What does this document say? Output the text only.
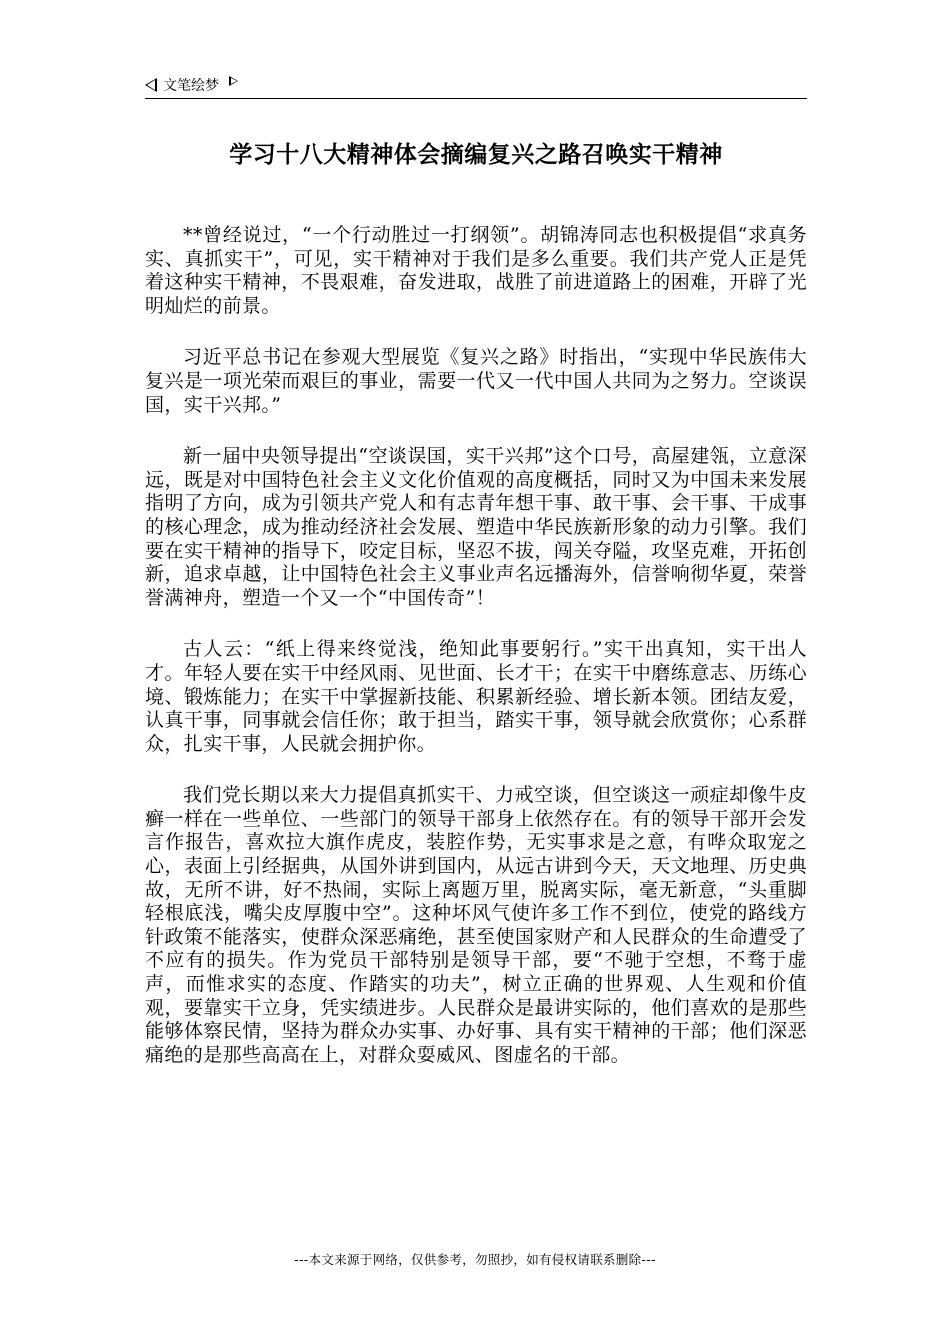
文笔绘梦
学习十八大精神体会摘编复兴之路召唤实干精神

**曾经说过，“一个行动胜过一打纲领”。胡锦涛同志也积极提倡“求真务实、真抓实干”，可见，实干精神对于我们是多么重要。我们共产党人正是凭着这种实干精神，不畏艰难，奋发进取，战胜了前进道路上的困难，开辟了光明灿烂的前景。

习近平总书记在参观大型展览《复兴之路》时指出，“实现中华民族伟大复兴是一项光荣而艰巨的事业，需要一代又一代中国人共同为之努力。空谈误国，实干兴邦。”

新一届中央领导提出“空谈误国，实干兴邦”这个口号，高屋建瓴，立意深远，既是对中国特色社会主义文化价值观的高度概括，同时又为中国未来发展指明了方向，成为引领共产党人和有志青年想干事、敢干事、会干事、干成事的核心理念，成为推动经济社会发展、塑造中华民族新形象的动力引擎。我们要在实干精神的指导下，咬定目标，坚忍不拔，闯关夺隘，攻坚克难，开拓创新，追求卓越，让中国特色社会主义事业声名远播海外，信誉响彻华夏，荣誉誉满神舟，塑造一个又一个“中国传奇”！

古人云：“纸上得来终觉浅，绝知此事要躬行。”实干出真知，实干出人才。年轻人要在实干中经风雨、见世面、长才干；在实干中磨练意志、历练心境、锻炼能力；在实干中掌握新技能、积累新经验、增长新本领。团结友爱，认真干事，同事就会信任你；敢于担当，踏实干事，领导就会欣赏你；心系群众，扎实干事，人民就会拥护你。

我们党长期以来大力提倡真抓实干、力戒空谈，但空谈这一顽症却像牛皮癣一样在一些单位、一些部门的领导干部身上依然存在。有的领导干部开会发言作报告，喜欢拉大旗作虎皮，装腔作势，无实事求是之意，有哗众取宠之心，表面上引经据典，从国外讲到国内，从远古讲到今天，天文地理、历史典故，无所不讲，好不热闹，实际上离题万里，脱离实际，毫无新意，“头重脚轻根底浅，嘴尖皮厚腹中空”。这种坏风气使许多工作不到位，使党的路线方针政策不能落实，使群众深恶痛绝，甚至使国家财产和人民群众的生命遭受了不应有的损失。作为党员干部特别是领导干部，要“不驰于空想，不骛于虚声，而惟求实的态度、作踏实的功夫”，树立正确的世界观、人生观和价值观，要靠实干立身，凭实绩进步。人民群众是最讲实际的，他们喜欢的是那些能够体察民情，坚持为群众办实事、办好事、具有实干精神的干部；他们深恶痛绝的是那些高高在上，对群众耍威风、图虚名的干部。

---本文来源于网络，仅供参考，勿照抄，如有侵权请联系删除---
